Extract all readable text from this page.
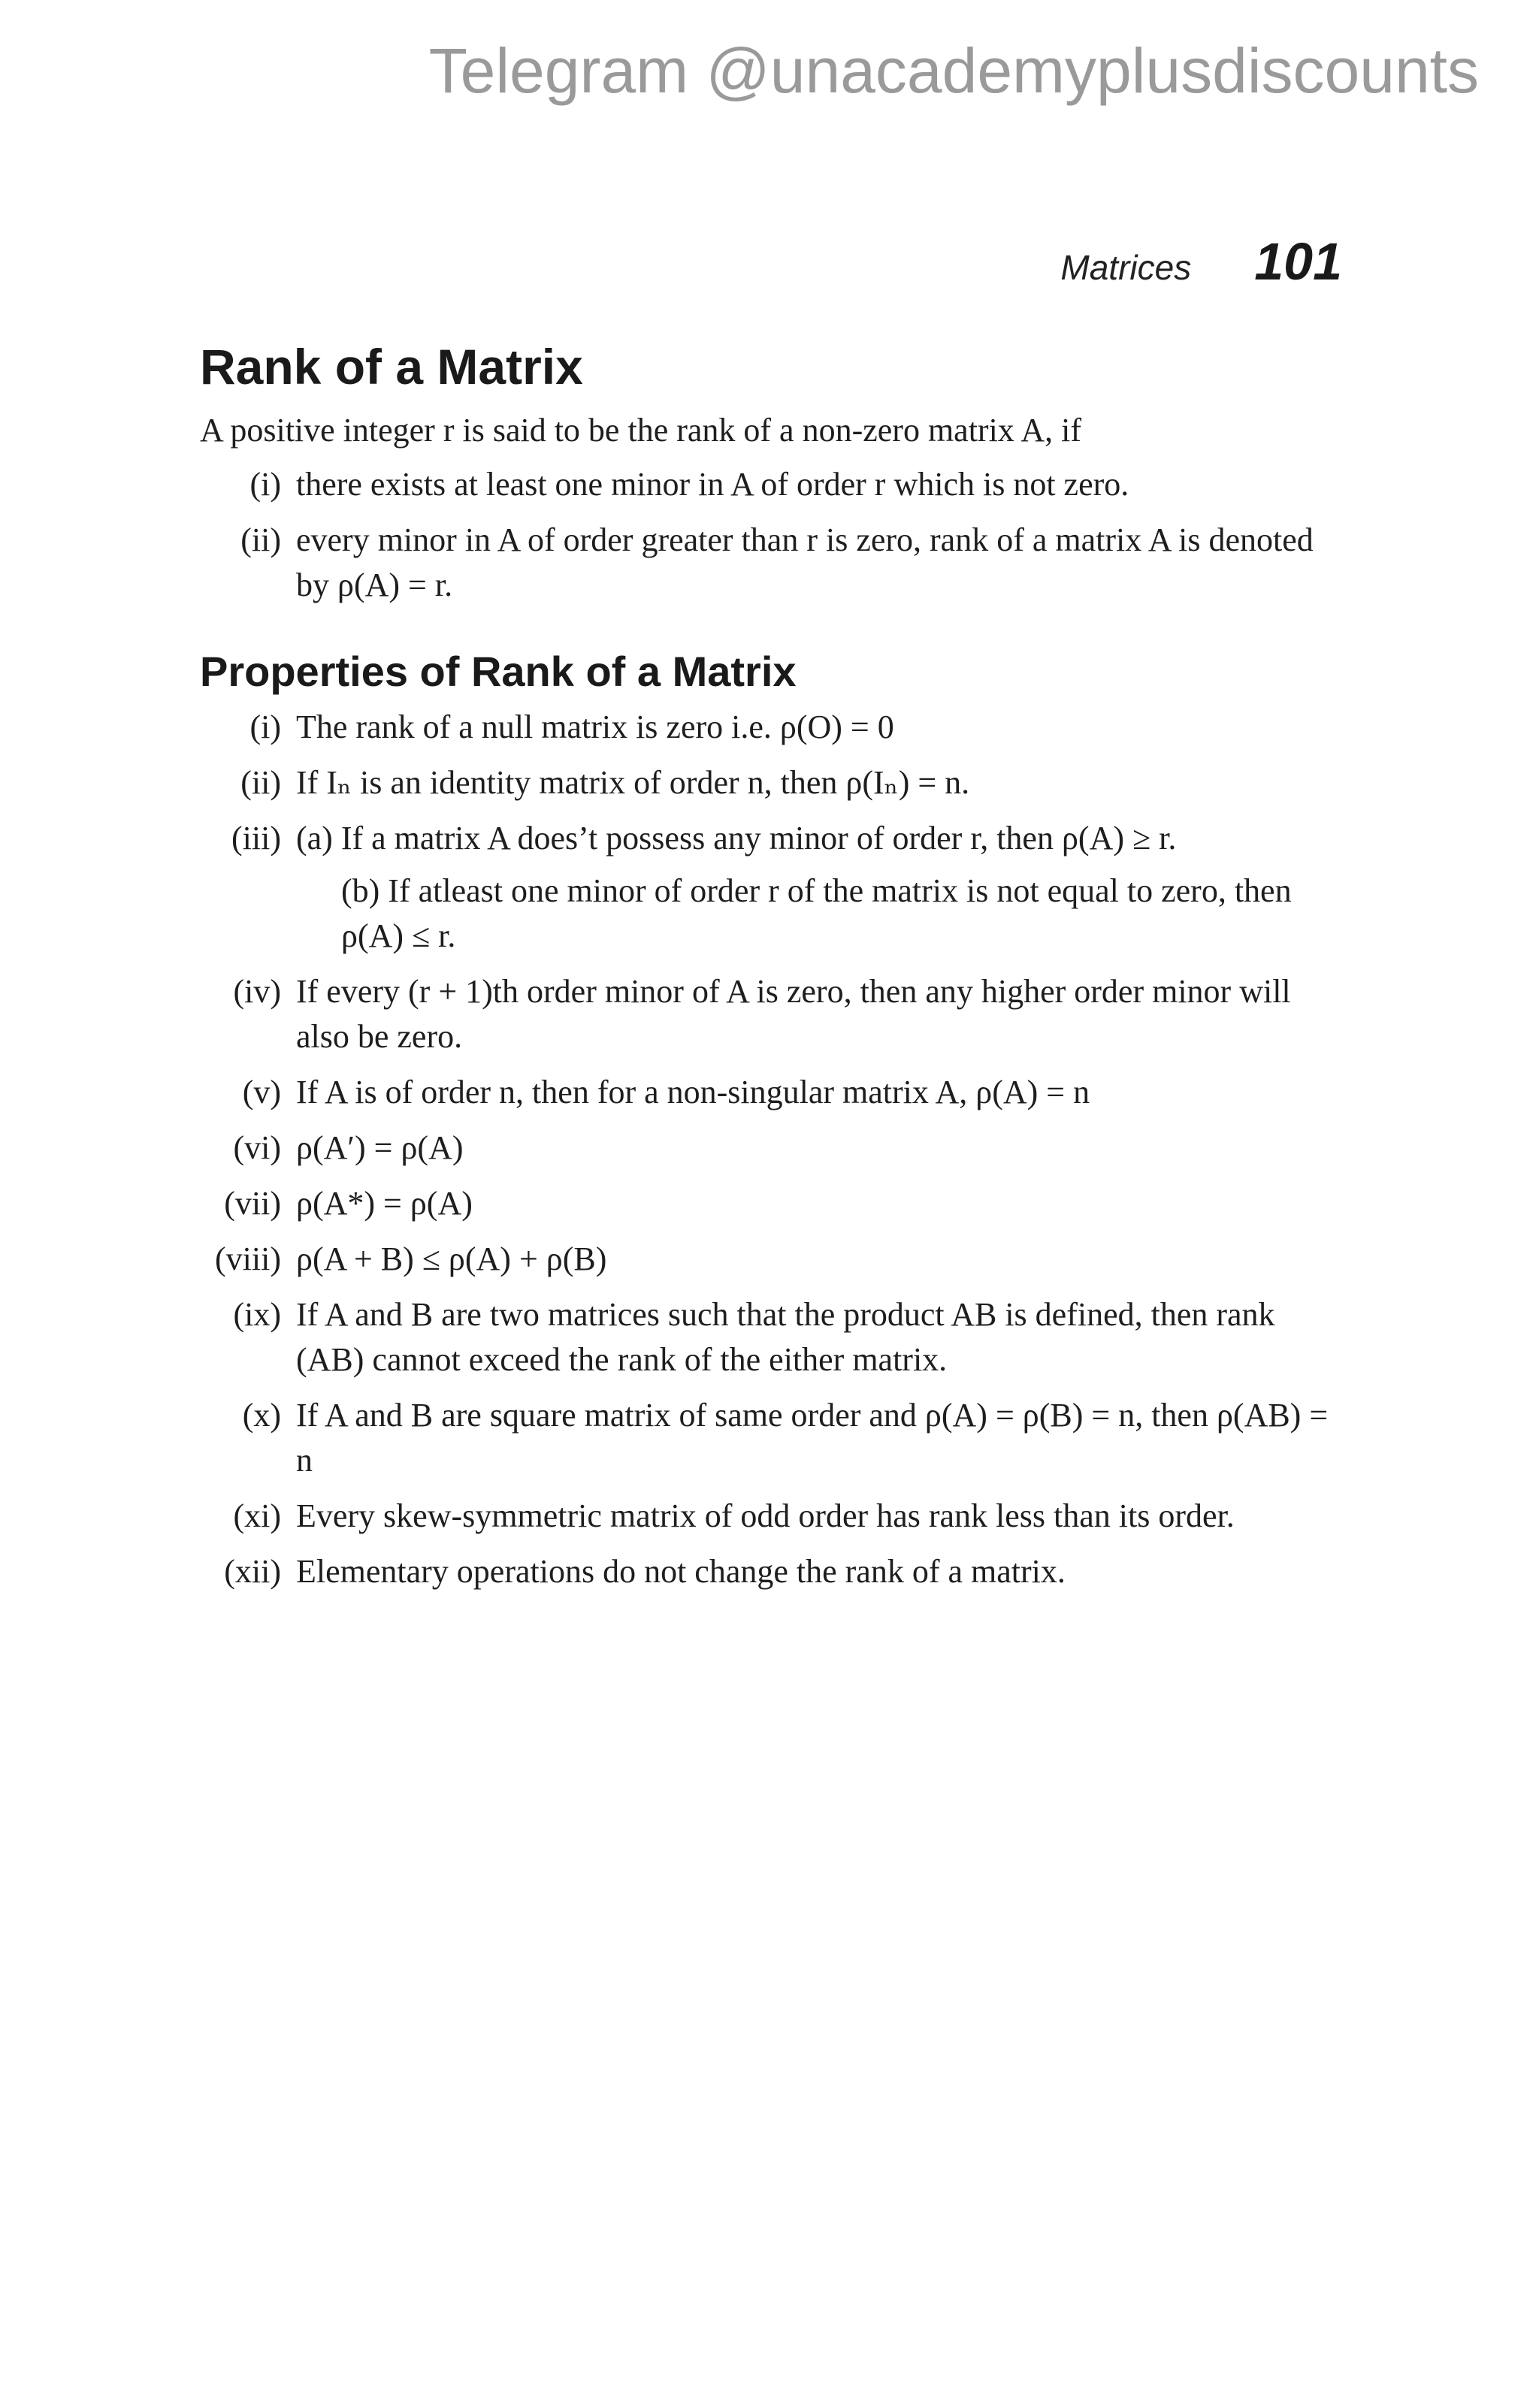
Telegram @unacademyplusdiscounts

Matrices 101
Rank of a Matrix

A positive integer r is said to be the rank of a non-zero matrix A, if

(i) there exists at least one minor in A of order r which is not zero.
(ii) every minor in A of order greater than r is zero, rank of a matrix A is denoted by ρ(A) = r.
Properties of Rank of a Matrix
(i) The rank of a null matrix is zero i.e. ρ(O) = 0
(ii) If Iₙ is an identity matrix of order n, then ρ(Iₙ) = n.
(iii) (a) If a matrix A does’t possess any minor of order r, then ρ(A) ≥ r.
(b) If atleast one minor of order r of the matrix is not equal to zero, then ρ(A) ≤ r.
(iv) If every (r + 1)th order minor of A is zero, then any higher order minor will also be zero.
(v) If A is of order n, then for a non-singular matrix A, ρ(A) = n
(vi) ρ(A′) = ρ(A)
(vii) ρ(A*) = ρ(A)
(viii) ρ(A + B) ≤ ρ(A) + ρ(B)
(ix) If A and B are two matrices such that the product AB is defined, then rank (AB) cannot exceed the rank of the either matrix.
(x) If A and B are square matrix of same order and ρ(A) = ρ(B) = n, then ρ(AB) = n
(xi) Every skew-symmetric matrix of odd order has rank less than its order.
(xii) Elementary operations do not change the rank of a matrix.
